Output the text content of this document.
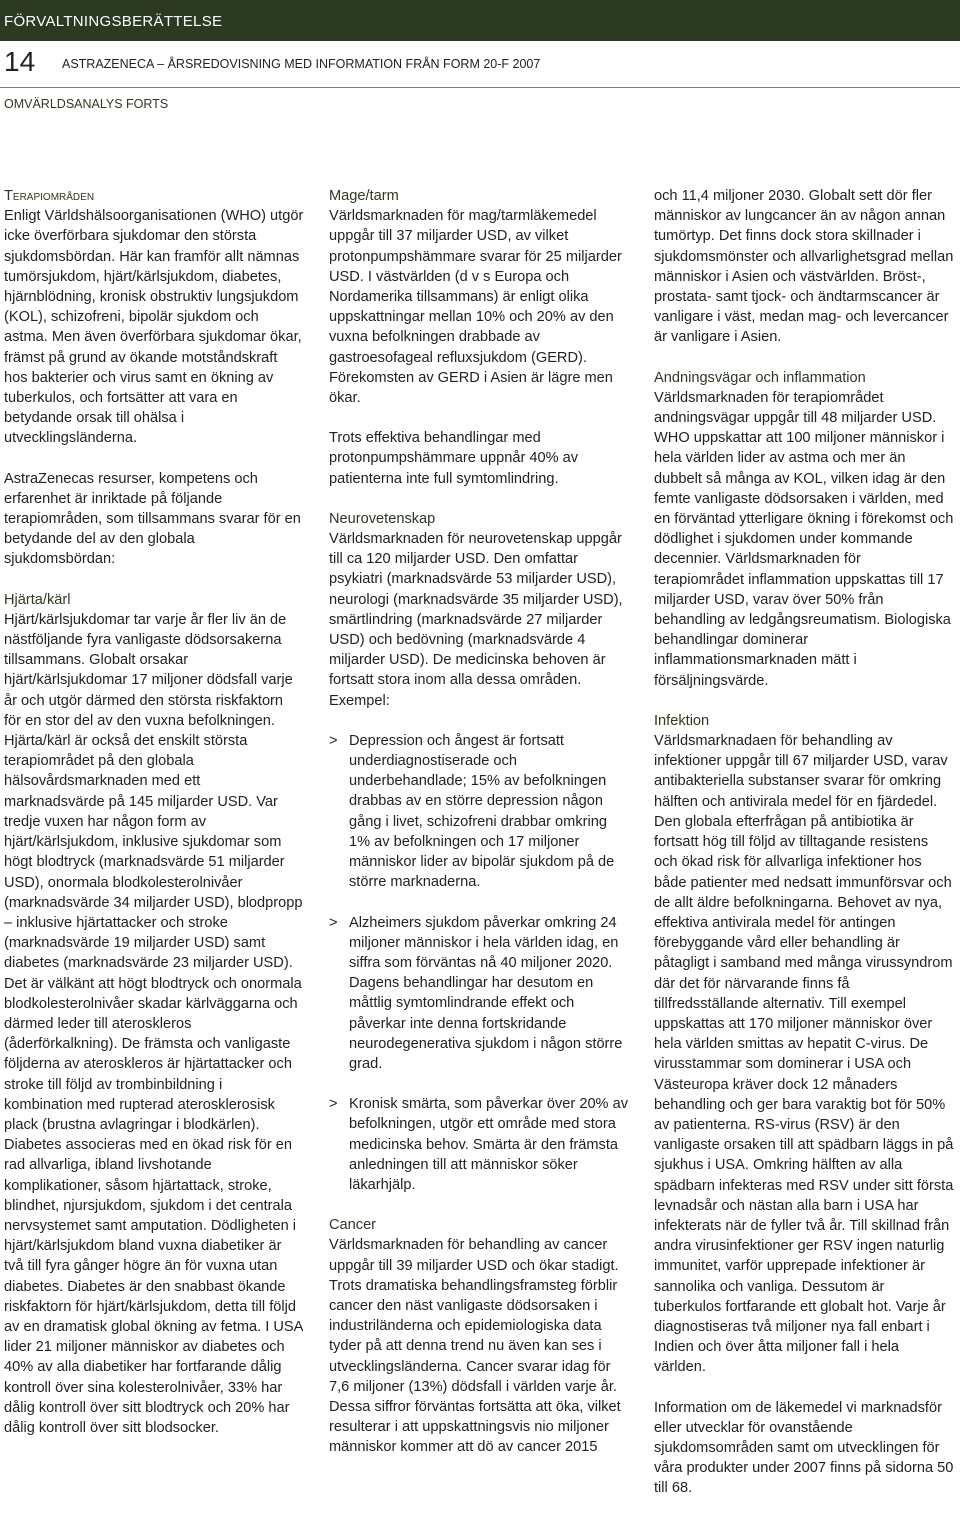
FÖRVALTNINGSBERÄTTELSE
14 ASTRAZENECA – ÅRSREDOVISNING MED INFORMATION FRÅN FORM 20-F 2007
OMVÄRLDSANALYS FORTS
Terapiområden

Enligt Världshälsoorganisationen (WHO) utgör icke överförbara sjukdomar den största sjukdomsbördan. Här kan framför allt nämnas tumörsjukdom, hjärt/kärlsjukdom, diabetes, hjärnblödning, kronisk obstruktiv lungsjukdom (KOL), schizofreni, bipolär sjukdom och astma. Men även överförbara sjukdomar ökar, främst på grund av ökande motståndskraft hos bakterier och virus samt en ökning av tuberkulos, och fortsätter att vara en betydande orsak till ohälsa i utvecklingsländerna.

AstraZenecas resurser, kompetens och erfarenhet är inriktade på följande terapiområden, som tillsammans svarar för en betydande del av den globala sjukdomsbördan:

Hjärta/kärl

Hjärt/kärlsjukdomar tar varje år fler liv än de nästföljande fyra vanligaste dödsorsakerna tillsammans. Globalt orsakar hjärt/kärlsjukdomar 17 miljoner dödsfall varje år och utgör därmed den största riskfaktorn för en stor del av den vuxna befolkningen. Hjärta/kärl är också det enskilt största terapiområdet på den globala hälsovårdsmarknaden med ett marknadsvärde på 145 miljarder USD. Var tredje vuxen har någon form av hjärt/kärlsjukdom, inklusive sjukdomar som högt blodtryck (marknadsvärde 51 miljarder USD), onormala blodkolesterolnivåer (marknadsvärde 34 miljarder USD), blodpropp – inklusive hjärtattacker och stroke (marknadsvärde 19 miljarder USD) samt diabetes (marknadsvärde 23 miljarder USD). Det är välkänt att högt blodtryck och onormala blodkolesterolnivåer skadar kärlväggarna och därmed leder till ateroskleros (åderförkalkning). De främsta och vanligaste följderna av ateroskleros är hjärtattacker och stroke till följd av trombinbildning i kombination med rupterad aterosklerosisk plack (brustna avlagringar i blodkärlen). Diabetes associeras med en ökad risk för en rad allvarliga, ibland livshotande komplikationer, såsom hjärtattack, stroke, blindhet, njursjukdom, sjukdom i det centrala nervsystemet samt amputation. Dödligheten i hjärt/kärlsjukdom bland vuxna diabetiker är två till fyra gånger högre än för vuxna utan diabetes. Diabetes är den snabbast ökande riskfaktorn för hjärt/kärlsjukdom, detta till följd av en dramatisk global ökning av fetma. I USA lider 21 miljoner människor av diabetes och 40% av alla diabetiker har fortfarande dålig kontroll över sina kolesterolnivåer, 33% har dålig kontroll över sitt blodtryck och 20% har dålig kontroll över sitt blodsocker.

Mage/tarm

Världsmarknaden för mag/tarmläkemedel uppgår till 37 miljarder USD, av vilket protonpumpshämmare svarar för 25 miljarder USD. I västvärlden (d v s Europa och Nordamerika tillsammans) är enligt olika uppskattningar mellan 10% och 20% av den vuxna befolkningen drabbade av gastroesofageal refluxsjukdom (GERD). Förekomsten av GERD i Asien är lägre men ökar.

Trots effektiva behandlingar med protonpumpshämmare uppnår 40% av patienterna inte full symtomlindring.

Neurovetenskap

Världsmarknaden för neurovetenskap uppgår till ca 120 miljarder USD. Den omfattar psykiatri (marknadsvärde 53 miljarder USD), neurologi (marknadsvärde 35 miljarder USD), smärtlindring (marknadsvärde 27 miljarder USD) och bedövning (marknadsvärde 4 miljarder USD). De medicinska behoven är fortsatt stora inom alla dessa områden. Exempel:

> Depression och ångest är fortsatt underdiagnostiserade och underbehandlade; 15% av befolkningen drabbas av en större depression någon gång i livet, schizofreni drabbar omkring 1% av befolkningen och 17 miljoner människor lider av bipolär sjukdom på de större marknaderna.
> Alzheimers sjukdom påverkar omkring 24 miljoner människor i hela världen idag, en siffra som förväntas nå 40 miljoner 2020. Dagens behandlingar har desutom en måttlig symtomlindrande effekt och påverkar inte denna fortskridande neurodegenerativa sjukdom i någon större grad.
> Kronisk smärta, som påverkar över 20% av befolkningen, utgör ett område med stora medicinska behov. Smärta är den främsta anledningen till att människor söker läkarhjälp.
Cancer

Världsmarknaden för behandling av cancer uppgår till 39 miljarder USD och ökar stadigt. Trots dramatiska behandlingsframsteg förblir cancer den näst vanligaste dödsorsaken i industriländerna och epidemiologiska data tyder på att denna trend nu även kan ses i utvecklingsländerna. Cancer svarar idag för 7,6 miljoner (13%) dödsfall i världen varje år. Dessa siffror förväntas fortsätta att öka, vilket resulterar i att uppskattningsvis nio miljoner människor kommer att dö av cancer 2015

och 11,4 miljoner 2030. Globalt sett dör fler människor av lungcancer än av någon annan tumörtyp. Det finns dock stora skillnader i sjukdomsmönster och allvarlighetsgrad mellan människor i Asien och västvärlden. Bröst-, prostata- samt tjock- och ändtarmscancer är vanligare i väst, medan mag- och levercancer är vanligare i Asien.

Andningsvägar och inflammation

Världsmarknaden för terapiområdet andningsvägar uppgår till 48 miljarder USD. WHO uppskattar att 100 miljoner människor i hela världen lider av astma och mer än dubbelt så många av KOL, vilken idag är den femte vanligaste dödsorsaken i världen, med en förväntad ytterligare ökning i förekomst och dödlighet i sjukdomen under kommande decennier. Världsmarknaden för terapiområdet inflammation uppskattas till 17 miljarder USD, varav över 50% från behandling av ledgångsreumatism. Biologiska behandlingar dominerar inflammationsmarknaden mätt i försäljningsvärde.

Infektion

Världsmarknadaen för behandling av infektioner uppgår till 67 miljarder USD, varav antibakteriella substanser svarar för omkring hälften och antivirala medel för en fjärdedel. Den globala efterfrågan på antibiotika är fortsatt hög till följd av tilltagande resistens och ökad risk för allvarliga infektioner hos både patienter med nedsatt immunförsvar och de allt äldre befolkningarna. Behovet av nya, effektiva antivirala medel för antingen förebyggande vård eller behandling är påtagligt i samband med många virussyndrom där det för närvarande finns få tillfredsställande alternativ. Till exempel uppskattas att 170 miljoner människor över hela världen smittas av hepatit C-virus. De virusstammar som dominerar i USA och Västeuropa kräver dock 12 månaders behandling och ger bara varaktig bot för 50% av patienterna. RS-virus (RSV) är den vanligaste orsaken till att spädbarn läggs in på sjukhus i USA. Omkring hälften av alla spädbarn infekteras med RSV under sitt första levnadsår och nästan alla barn i USA har infekterats när de fyller två år. Till skillnad från andra virusinfektioner ger RSV ingen naturlig immunitet, varför upprepade infektioner är sannolika och vanliga. Dessutom är tuberkulos fortfarande ett globalt hot. Varje år diagnostiseras två miljoner nya fall enbart i Indien och över åtta miljoner fall i hela världen.

Information om de läkemedel vi marknadsför eller utvecklar för ovanstående sjukdomsområden samt om utvecklingen för våra produkter under 2007 finns på sidorna 50 till 68.
